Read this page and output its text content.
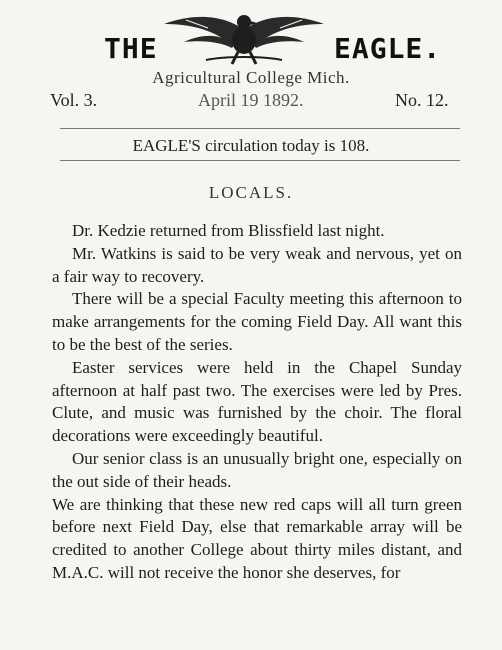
THE	EAGLE.
Agricultural College Mich.
Vol. 3.	April 19 1892.	No. 12.
EAGLE'S circulation today is 108.
LOCALS.

Dr. Kedzie returned from Blissfield last night.

Mr. Watkins is said to be very weak and nervous, yet on a fair way to recovery.

There will be a special Faculty meeting this afternoon to make arrangements for the coming Field Day. All want this to be the best of the series.

Easter services were held in the Chapel Sunday afternoon at half past two. The exercises were led by Pres. Clute, and music was furnished by the choir. The floral decorations were exceedingly beautiful.

Our senior class is an unusually bright one, especially on the out side of their heads.

We are thinking that these new red caps will all turn green before next Field Day, else that remarkable array will be credited to another College about thirty miles distant, and M.A.C. will not receive the honor she deserves, for
